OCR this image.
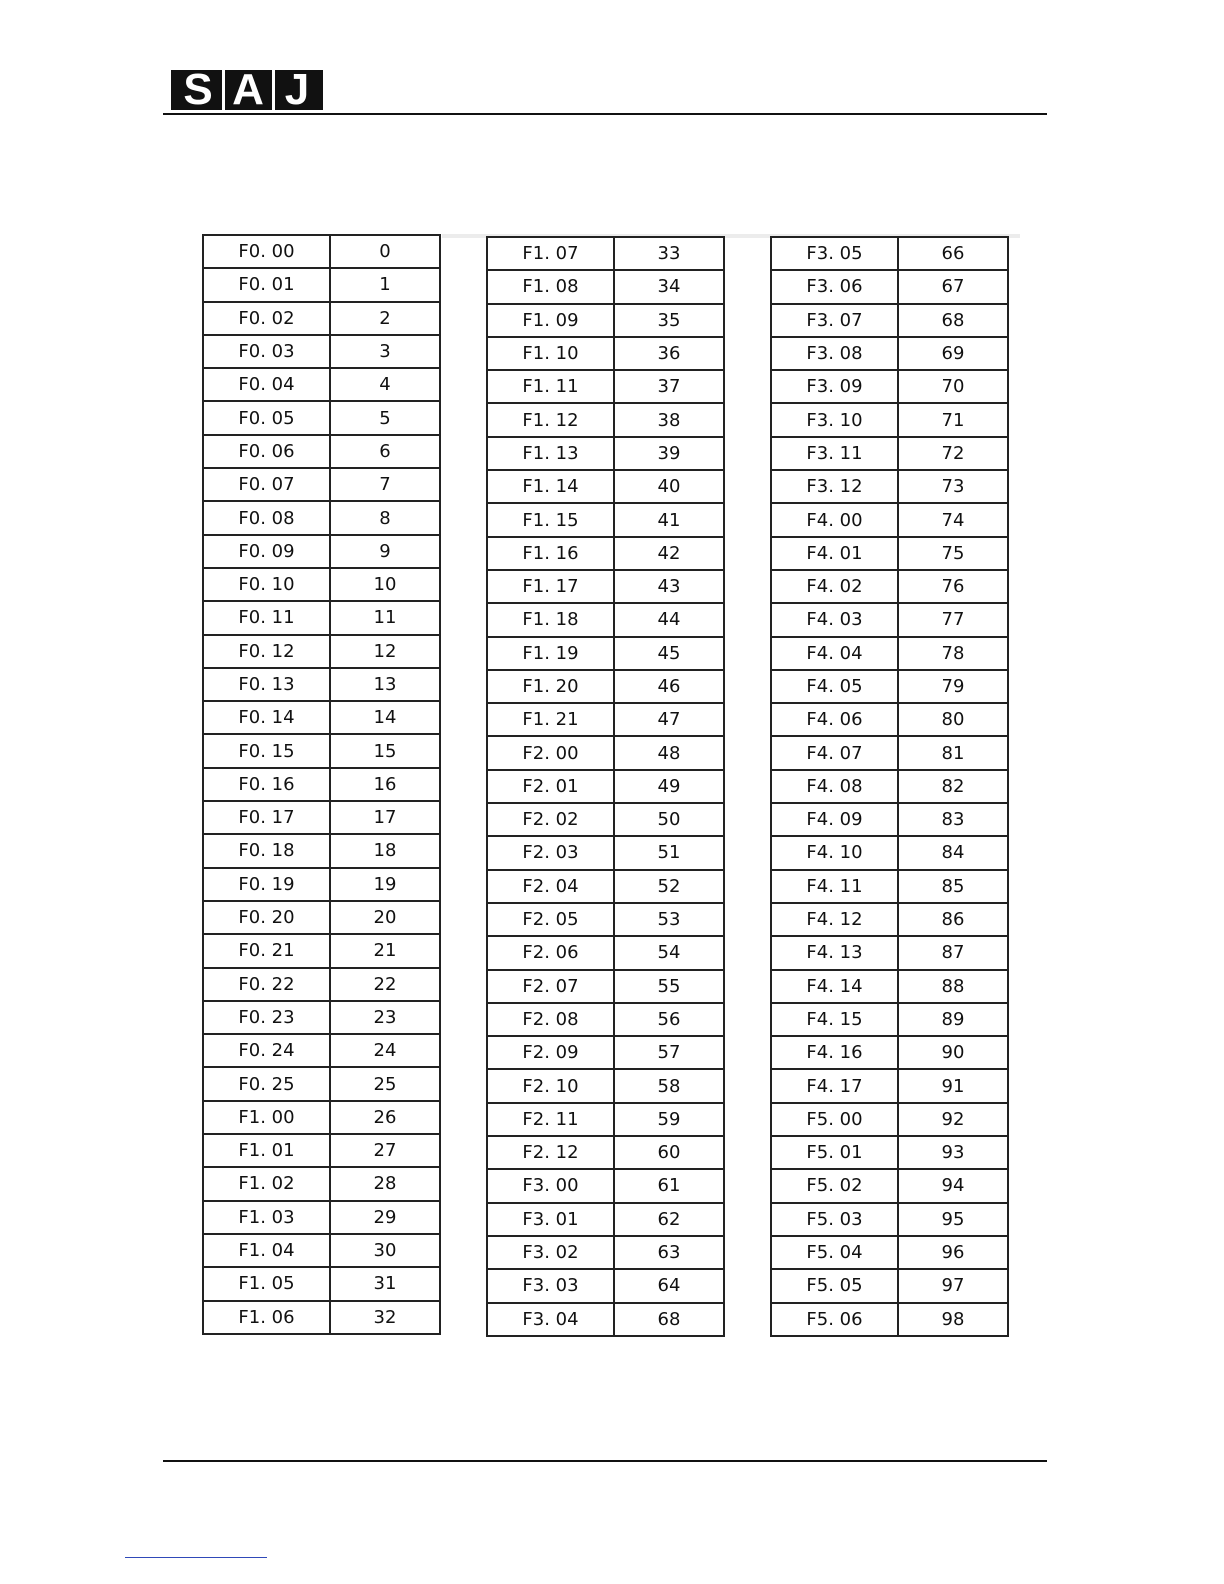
S A J
F0. 00	0
F0. 01	1
F0. 02	2
F0. 03	3
F0. 04	4
F0. 05	5
F0. 06	6
F0. 07	7
F0. 08	8
F0. 09	9
F0. 10	10
F0. 11	11
F0. 12	12
F0. 13	13
F0. 14	14
F0. 15	15
F0. 16	16
F0. 17	17
F0. 18	18
F0. 19	19
F0. 20	20
F0. 21	21
F0. 22	22
F0. 23	23
F0. 24	24
F0. 25	25
F1. 00	26
F1. 01	27
F1. 02	28
F1. 03	29
F1. 04	30
F1. 05	31
F1. 06	32
F1. 07	33
F1. 08	34
F1. 09	35
F1. 10	36
F1. 11	37
F1. 12	38
F1. 13	39
F1. 14	40
F1. 15	41
F1. 16	42
F1. 17	43
F1. 18	44
F1. 19	45
F1. 20	46
F1. 21	47
F2. 00	48
F2. 01	49
F2. 02	50
F2. 03	51
F2. 04	52
F2. 05	53
F2. 06	54
F2. 07	55
F2. 08	56
F2. 09	57
F2. 10	58
F2. 11	59
F2. 12	60
F3. 00	61
F3. 01	62
F3. 02	63
F3. 03	64
F3. 04	68
F3. 05	66
F3. 06	67
F3. 07	68
F3. 08	69
F3. 09	70
F3. 10	71
F3. 11	72
F3. 12	73
F4. 00	74
F4. 01	75
F4. 02	76
F4. 03	77
F4. 04	78
F4. 05	79
F4. 06	80
F4. 07	81
F4. 08	82
F4. 09	83
F4. 10	84
F4. 11	85
F4. 12	86
F4. 13	87
F4. 14	88
F4. 15	89
F4. 16	90
F4. 17	91
F5. 00	92
F5. 01	93
F5. 02	94
F5. 03	95
F5. 04	96
F5. 05	97
F5. 06	98
